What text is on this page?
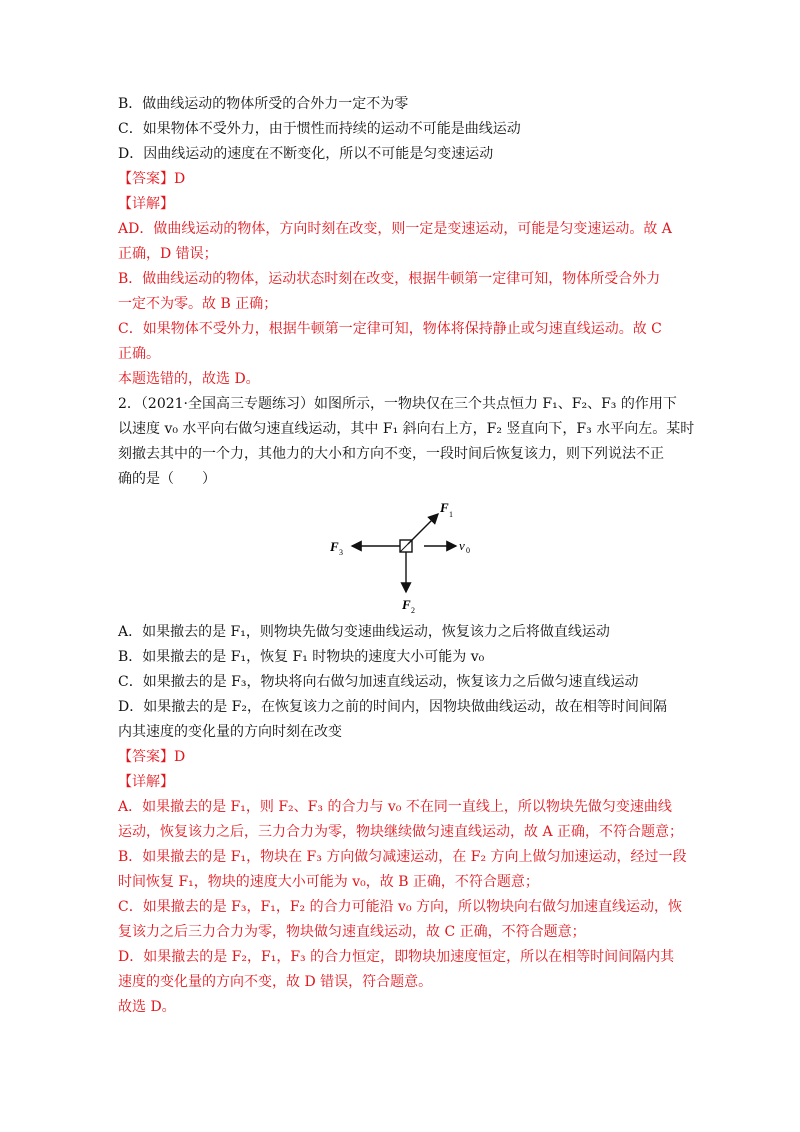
B．做曲线运动的物体所受的合外力一定不为零

C．如果物体不受外力，由于惯性而持续的运动不可能是曲线运动

D．因曲线运动的速度在不断变化，所以不可能是匀变速运动

【答案】D

【详解】

AD．做曲线运动的物体，方向时刻在改变，则一定是变速运动，可能是匀变速运动。故 A

正确，D 错误；

B．做曲线运动的物体，运动状态时刻在改变，根据牛顿第一定律可知，物体所受合外力

一定不为零。故 B 正确；

C．如果物体不受外力，根据牛顿第一定律可知，物体将保持静止或匀速直线运动。故 C

正确。

本题选错的，故选 D。

2．（2021·全国高三专题练习）如图所示，一物块仅在三个共点恒力 F₁、F₂、F₃ 的作用下

以速度 v₀ 水平向右做匀速直线运动，其中 F₁ 斜向右上方，F₂ 竖直向下，F₃ 水平向左。某时

刻撤去其中的一个力，其他力的大小和方向不变，一段时间后恢复该力，则下列说法不正

确的是（　　）

F 1
F 2
F 3	v 0

A．如果撤去的是 F₁，则物块先做匀变速曲线运动，恢复该力之后将做直线运动

B．如果撤去的是 F₁，恢复 F₁ 时物块的速度大小可能为 v₀

C．如果撤去的是 F₃，物块将向右做匀加速直线运动，恢复该力之后做匀速直线运动

D．如果撤去的是 F₂，在恢复该力之前的时间内，因物块做曲线运动，故在相等时间间隔

内其速度的变化量的方向时刻在改变

【答案】D

【详解】

A．如果撤去的是 F₁，则 F₂、F₃ 的合力与 v₀ 不在同一直线上，所以物块先做匀变速曲线

运动，恢复该力之后，三力合力为零，物块继续做匀速直线运动，故 A 正确，不符合题意；

B．如果撤去的是 F₁，物块在 F₃ 方向做匀减速运动，在 F₂ 方向上做匀加速运动，经过一段

时间恢复 F₁，物块的速度大小可能为 v₀，故 B 正确，不符合题意；

C．如果撤去的是 F₃，F₁，F₂ 的合力可能沿 v₀ 方向，所以物块向右做匀加速直线运动，恢

复该力之后三力合力为零，物块做匀速直线运动，故 C 正确，不符合题意；

D．如果撤去的是 F₂，F₁，F₃ 的合力恒定，即物块加速度恒定，所以在相等时间间隔内其

速度的变化量的方向不变，故 D 错误，符合题意。

故选 D。
